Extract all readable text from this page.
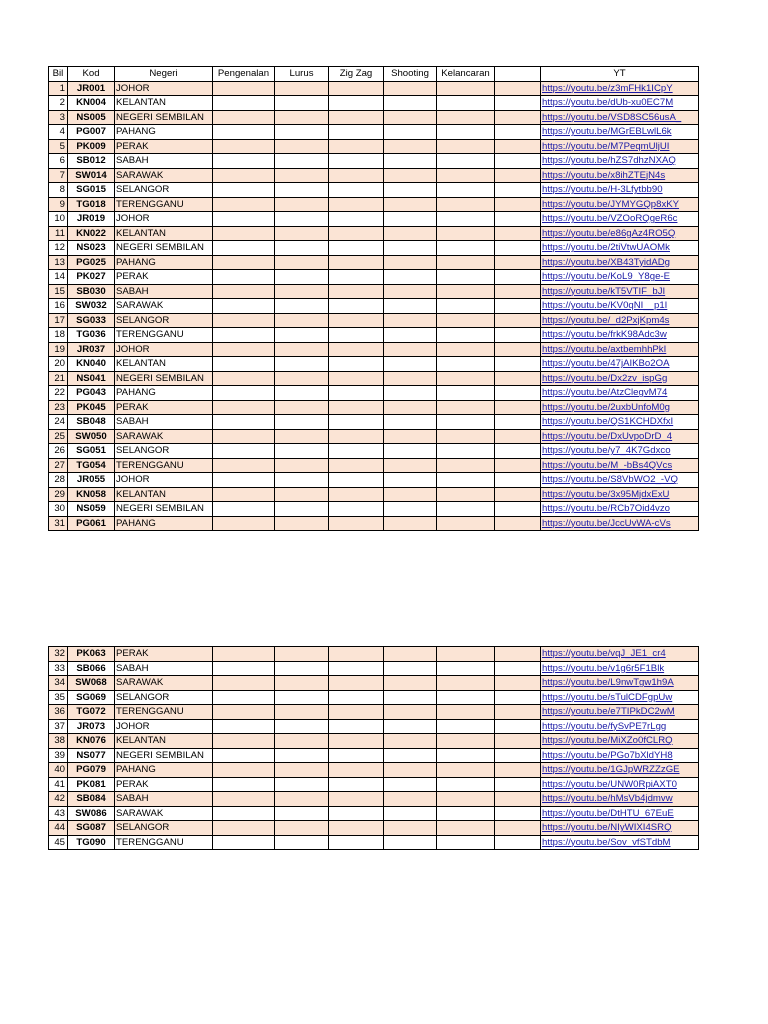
Bil	Kod	Negeri	Pengenalan	Lurus	Zig Zag	Shooting	Kelancaran		YT
1	JR001	JOHOR							https://youtu.be/z3mFHk1ICpY
2	KN004	KELANTAN							https://youtu.be/dUb-xu0EC7M
3	NS005	NEGERI SEMBILAN							https://youtu.be/VSD8SC56usA_
4	PG007	PAHANG							https://youtu.be/MGrEBLwlL6k
5	PK009	PERAK							https://youtu.be/M7PeqmUljUI
6	SB012	SABAH							https://youtu.be/hZS7dhzNXAQ
7	SW014	SARAWAK							https://youtu.be/x8ihZTEjN4s
8	SG015	SELANGOR							https://youtu.be/H-3Lfytbb90
9	TG018	TERENGGANU							https://youtu.be/JYMYGQp8xKY
10	JR019	JOHOR							https://youtu.be/VZOoRQgeR6c
11	KN022	KELANTAN							https://youtu.be/e86gAz4RO5Q
12	NS023	NEGERI SEMBILAN							https://youtu.be/2tiVtwUAOMk
13	PG025	PAHANG							https://youtu.be/XB43TyidADg
14	PK027	PERAK							https://youtu.be/KoL9_Y8ge-E
15	SB030	SABAH							https://youtu.be/kT5VTIF_bJI
16	SW032	SARAWAK							https://youtu.be/KV0qNI__p1I
17	SG033	SELANGOR							https://youtu.be/_d2PxjKpm4s
18	TG036	TERENGGANU							https://youtu.be/frkK98Adc3w
19	JR037	JOHOR							https://youtu.be/axtbemhhPkI
20	KN040	KELANTAN							https://youtu.be/47jAIKBo2OA
21	NS041	NEGERI SEMBILAN							https://youtu.be/Dx2zv_ispGg
22	PG043	PAHANG							https://youtu.be/AtzClegvM74
23	PK045	PERAK							https://youtu.be/2uxbUnfoM0g
24	SB048	SABAH							https://youtu.be/QS1KCHDXfxI
25	SW050	SARAWAK							https://youtu.be/DxUvpoDrD_4
26	SG051	SELANGOR							https://youtu.be/y7_4K7Gdxco
27	TG054	TERENGGANU							https://youtu.be/M_-bBs4QVcs
28	JR055	JOHOR							https://youtu.be/S8VbWO2_-VQ
29	KN058	KELANTAN							https://youtu.be/3x95MjdxExU
30	NS059	NEGERI SEMBILAN							https://youtu.be/RCb7Oid4vzo
31	PG061	PAHANG							https://youtu.be/JccUvWA-cVs
32	PK063	PERAK							https://youtu.be/vqJ_JE1_cr4
33	SB066	SABAH							https://youtu.be/v1g6r5F1Blk
34	SW068	SARAWAK							https://youtu.be/L9nwTgw1h9A
35	SG069	SELANGOR							https://youtu.be/sTulCDFgpUw
36	TG072	TERENGGANU							https://youtu.be/e7TIPkDC2wM
37	JR073	JOHOR							https://youtu.be/fySvPE7rLgg
38	KN076	KELANTAN							https://youtu.be/MiXZo0fCLRQ
39	NS077	NEGERI SEMBILAN							https://youtu.be/PGo7bXldYH8
40	PG079	PAHANG							https://youtu.be/1GJpWRZZzGE
41	PK081	PERAK							https://youtu.be/UNW0RpiAXT0
42	SB084	SABAH							https://youtu.be/hMsVb4jdmvw
43	SW086	SARAWAK							https://youtu.be/DtHTU_67EuE
44	SG087	SELANGOR							https://youtu.be/NIyWIXI4SRQ
45	TG090	TERENGGANU							https://youtu.be/Sov_vfSTdbM
